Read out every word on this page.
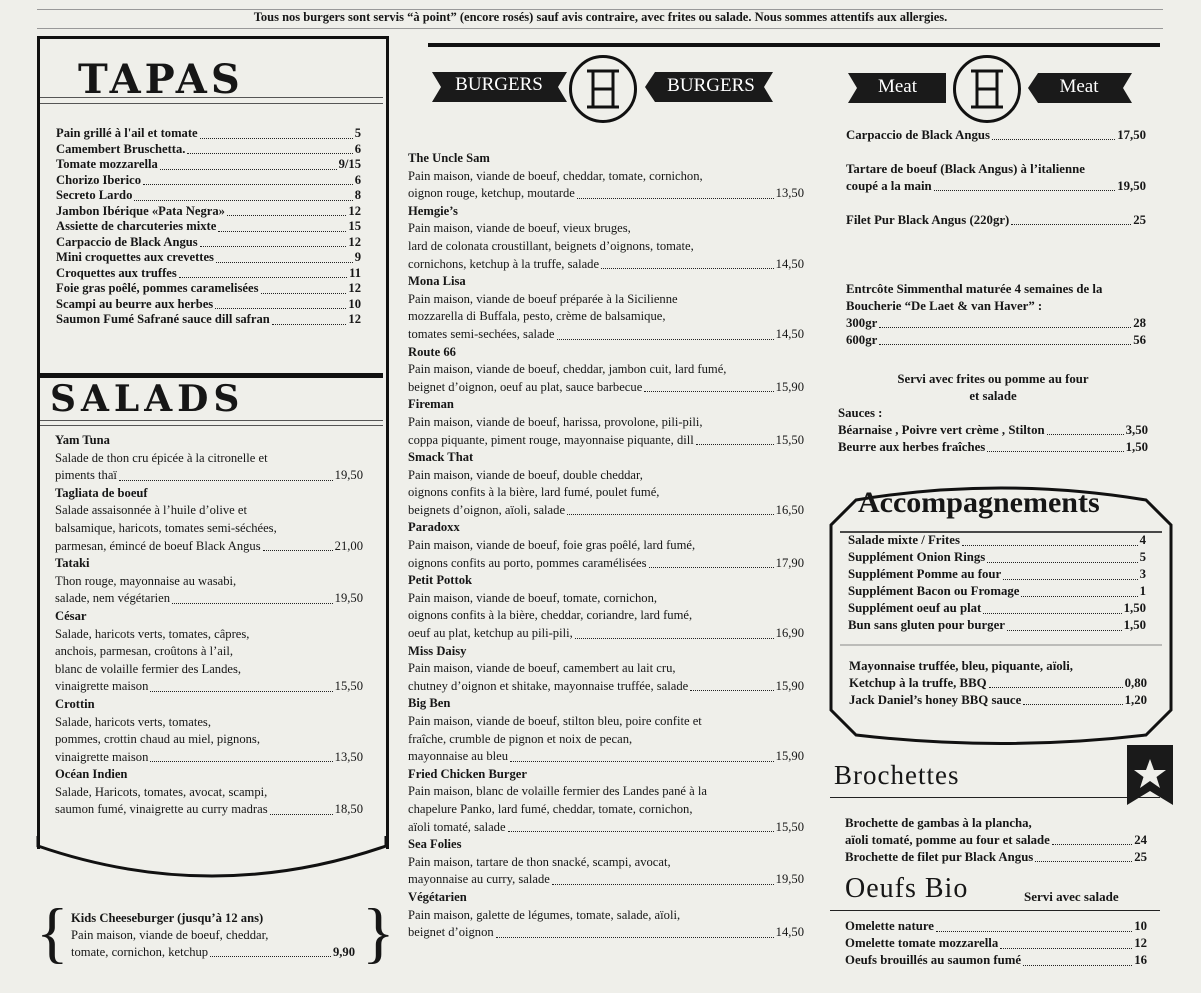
Tous nos burgers sont servis “à point” (encore rosés) sauf avis contraire, avec frites ou salade. Nous sommes attentifs aux allergies.
TAPAS
Pain grillé à l'ail et tomate	5
Camembert Bruschetta.	6
Tomate mozzarella	9/15
Chorizo Iberico	6
Secreto Lardo	8
Jambon Ibérique «Pata Negra»	12
Assiette de charcuteries mixte	15
Carpaccio de Black Angus	12
Mini croquettes aux crevettes	9
Croquettes aux truffes	11
Foie gras poêlé, pommes caramelisées	12
Scampi au beurre aux herbes	10
Saumon Fumé Safrané sauce dill safran	12
SALADS
Yam Tuna
Salade de thon cru épicée à la citronelle et
piments thaï	19,50
Tagliata de boeuf
Salade assaisonnée à l’huile d’olive et
balsamique, haricots, tomates semi-séchées,
parmesan, émincé de boeuf Black Angus	21,00
Tataki
Thon rouge, mayonnaise au wasabi,
salade, nem végétarien	19,50
César
Salade, haricots verts, tomates, câpres,
anchois, parmesan, croûtons à l’ail,
blanc de volaille fermier des Landes,
vinaigrette maison	15,50
Crottin
Salade, haricots verts, tomates,
pommes, crottin chaud au miel, pignons,
vinaigrette maison	13,50
Océan Indien
Salade, Haricots, tomates, avocat, scampi,
saumon fumé, vinaigrette au curry madras	18,50
{	}
Kids Cheeseburger (jusqu’à 12 ans)
Pain maison, viande de boeuf, cheddar,
tomate, cornichon, ketchup	9,90
BURGERS	BURGERS
The Uncle Sam
Pain maison, viande de boeuf, cheddar, tomate, cornichon,
oignon rouge, ketchup, moutarde	13,50
Hemgie’s
Pain maison, viande de boeuf, vieux bruges,
lard de colonata croustillant, beignets d’oignons, tomate,
cornichons, ketchup à la truffe, salade	14,50
Mona Lisa
Pain maison, viande de boeuf préparée à la Sicilienne
mozzarella di Buffala, pesto, crème de balsamique,
tomates semi-sechées, salade	14,50
Route 66
Pain maison, viande de boeuf, cheddar, jambon cuit, lard fumé,
beignet d’oignon, oeuf au plat, sauce barbecue	15,90
Fireman
Pain maison, viande de boeuf, harissa, provolone, pili-pili,
coppa piquante, piment rouge, mayonnaise piquante, dill	15,50
Smack That
Pain maison, viande de boeuf, double cheddar,
oignons confits à la bière, lard fumé, poulet fumé,
beignets d’oignon, aïoli, salade	16,50
Paradoxx
Pain maison, viande de boeuf, foie gras poêlé, lard fumé,
oignons confits au porto, pommes caramélisées	17,90
Petit Pottok
Pain maison, viande de boeuf, tomate, cornichon,
oignons confits à la bière, cheddar, coriandre, lard fumé,
oeuf au plat, ketchup au pili-pili,	16,90
Miss Daisy
Pain maison, viande de boeuf, camembert au lait cru,
chutney d’oignon et shitake, mayonnaise truffée, salade	15,90
Big Ben
Pain maison, viande de boeuf, stilton bleu, poire confite et
fraîche, crumble de pignon et noix de pecan,
mayonnaise au bleu	15,90
Fried Chicken Burger
Pain maison, blanc de volaille fermier des Landes pané à la
chapelure Panko, lard fumé, cheddar, tomate, cornichon,
aïoli tomaté, salade	15,50
Sea Folies
Pain maison, tartare de thon snacké, scampi, avocat,
mayonnaise au curry, salade	19,50
Végétarien
Pain maison, galette de légumes, tomate, salade, aïoli,
beignet d’oignon	14,50
Meat	Meat
Carpaccio de Black Angus	17,50
Tartare de boeuf (Black Angus) à l’italienne
coupé a la main	19,50
Filet Pur Black Angus (220gr)	25
Entrcôte Simmenthal maturée 4 semaines de la
Boucherie “De Laet & van Haver” :
300gr	28
600gr	56
Servi avec frites ou pomme au four
et salade
Sauces :
Béarnaise , Poivre vert crème , Stilton	3,50
Beurre aux herbes fraîches	1,50
Accompagnements
Salade mixte / Frites	4
Supplément Onion Rings	5
Supplément Pomme au four	3
Supplément Bacon ou Fromage	1
Supplément oeuf au plat	1,50
Bun sans gluten pour burger	1,50
Mayonnaise truffée, bleu, piquante, aïoli,
Ketchup à la truffe, BBQ	0,80
Jack Daniel’s honey BBQ sauce	1,20
Brochettes
Brochette de gambas à la plancha,
aïoli tomaté, pomme au four et salade	24
Brochette de filet pur Black Angus	25
Oeufs Bio	Servi avec salade
Omelette nature	10
Omelette tomate mozzarella	12
Oeufs brouillés au saumon fumé	16
